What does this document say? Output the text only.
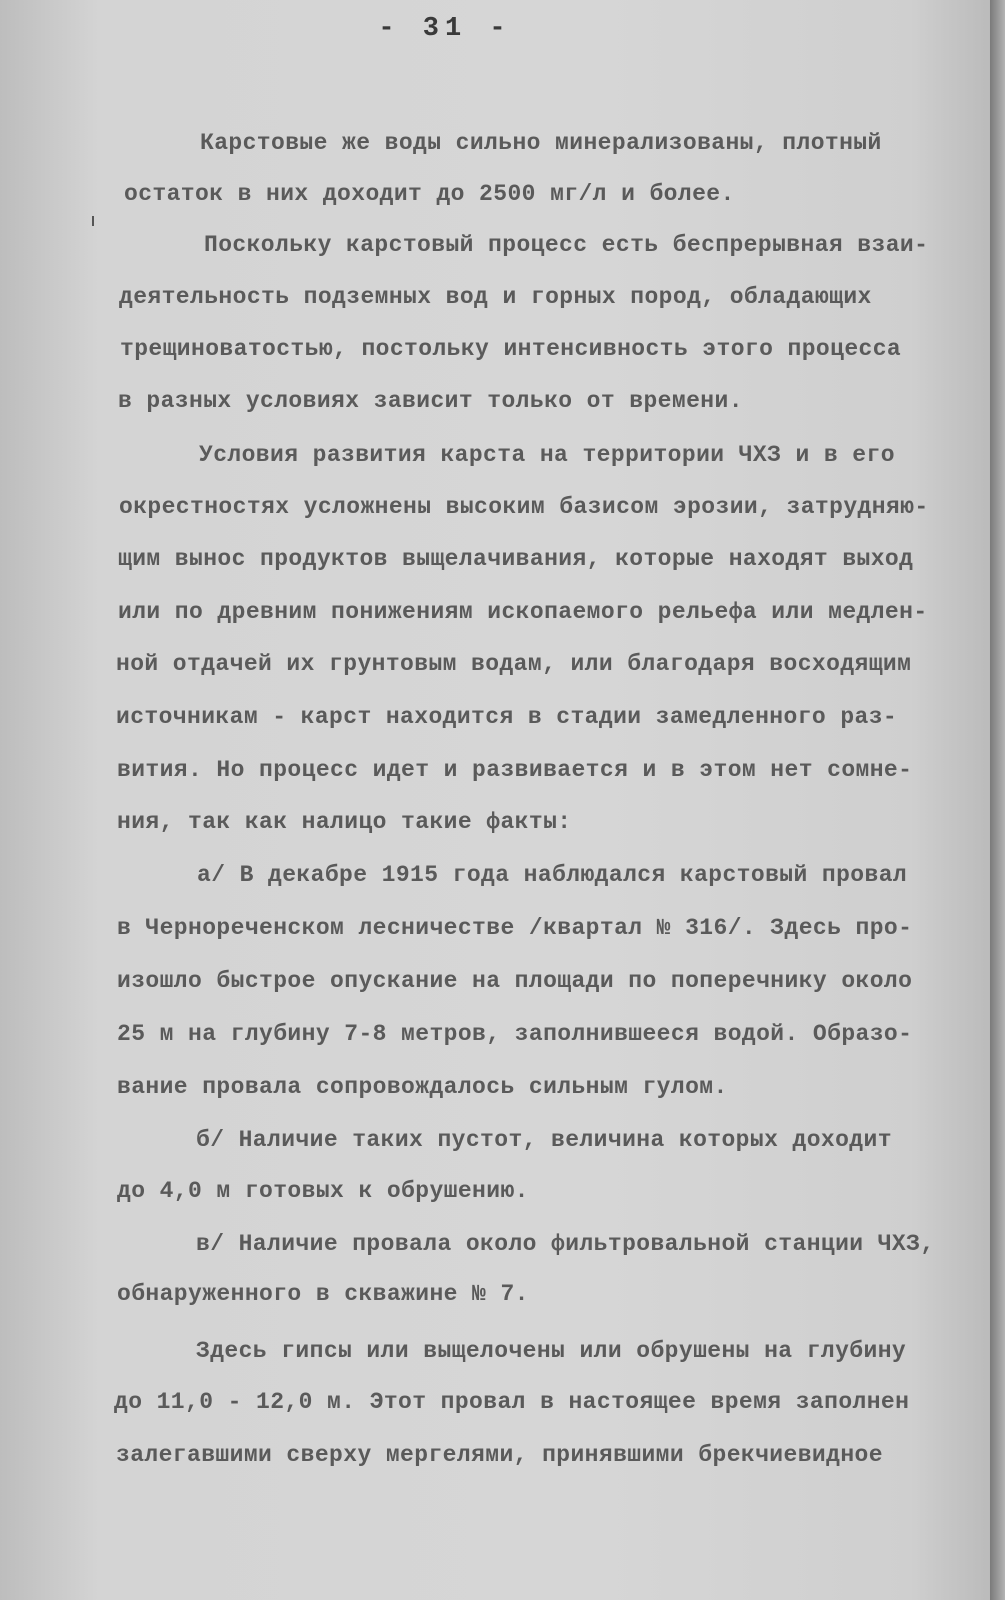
- 31 -
Карстовые же воды сильно минерализованы, плотный
остаток в них доходит до 2500 мг/л и более.
Поскольку карстовый процесс есть беспрерывная взаи-
деятельность подземных вод и горных пород, обладающих
трещиноватостью, постольку интенсивность этого процесса
в разных условиях зависит только от времени.
Условия развития карста на территории ЧХЗ и в его
окрестностях усложнены высоким базисом эрозии, затрудняю-
щим вынос продуктов выщелачивания, которые находят выход
или по древним понижениям ископаемого рельефа или медлен-
ной отдачей их грунтовым водам, или благодаря восходящим
источникам - карст находится в стадии замедленного раз-
вития. Но процесс идет и развивается и в этом нет сомне-
ния, так как налицо такие факты:
а/ В декабре 1915 года наблюдался карстовый провал
в Чернореченском лесничестве /квартал № 316/. Здесь про-
изошло быстрое опускание на площади по поперечнику около
25 м на глубину 7-8 метров, заполнившееся водой. Образо-
вание провала сопровождалось сильным гулом.
б/ Наличие таких пустот, величина которых доходит
до 4,0 м готовых к обрушению.
в/ Наличие провала около фильтровальной станции ЧХЗ,
обнаруженного в скважине № 7.
Здесь гипсы или выщелочены или обрушены на глубину
до 11,0 - 12,0 м. Этот провал в настоящее время заполнен
залегавшими сверху мергелями, принявшими брекчиевидное
